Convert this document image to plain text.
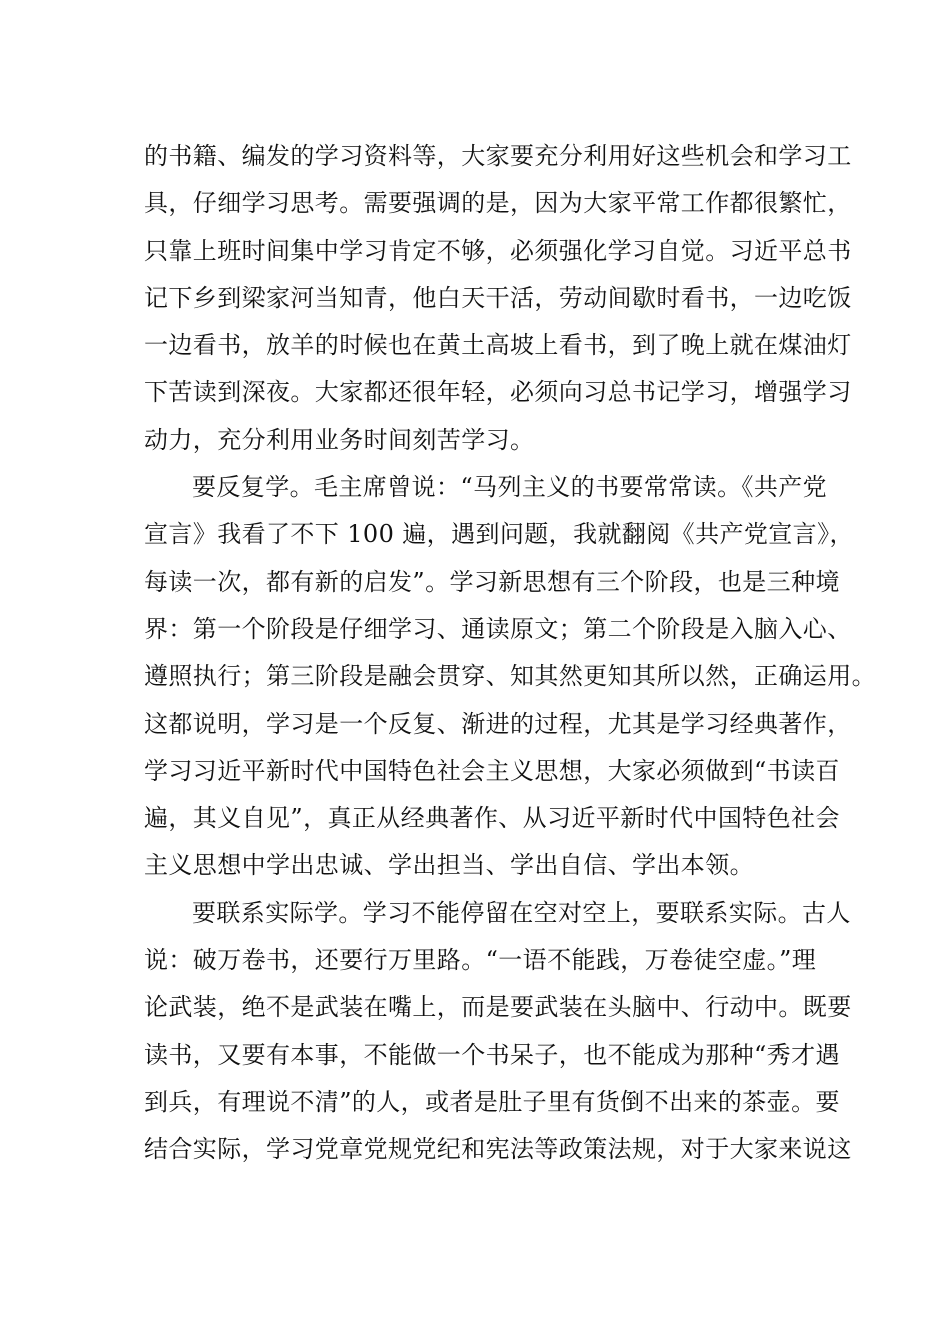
的书籍、编发的学习资料等，大家要充分利用好这些机会和学习工
具，仔细学习思考。需要强调的是，因为大家平常工作都很繁忙，
只靠上班时间集中学习肯定不够，必须强化学习自觉。习近平总书
记下乡到梁家河当知青，他白天干活，劳动间歇时看书，一边吃饭
一边看书，放羊的时候也在黄土高坡上看书，到了晚上就在煤油灯
下苦读到深夜。大家都还很年轻，必须向习总书记学习，增强学习
动力，充分利用业务时间刻苦学习。
要反复学。毛主席曾说：“马列主义的书要常常读。《共产党
宣言》我看了不下 100 遍，遇到问题，我就翻阅《共产党宣言》，
每读一次，都有新的启发”。学习新思想有三个阶段，也是三种境
界：第一个阶段是仔细学习、通读原文；第二个阶段是入脑入心、
遵照执行；第三阶段是融会贯穿、知其然更知其所以然，正确运用。
这都说明，学习是一个反复、渐进的过程，尤其是学习经典著作，
学习习近平新时代中国特色社会主义思想，大家必须做到“书读百
遍，其义自见”，真正从经典著作、从习近平新时代中国特色社会
主义思想中学出忠诚、学出担当、学出自信、学出本领。
要联系实际学。学习不能停留在空对空上，要联系实际。古人
说：破万卷书，还要行万里路。“一语不能践，万卷徒空虚。”理
论武装，绝不是武装在嘴上，而是要武装在头脑中、行动中。既要
读书，又要有本事，不能做一个书呆子，也不能成为那种“秀才遇
到兵，有理说不清”的人，或者是肚子里有货倒不出来的茶壶。要
结合实际，学习党章党规党纪和宪法等政策法规，对于大家来说这
